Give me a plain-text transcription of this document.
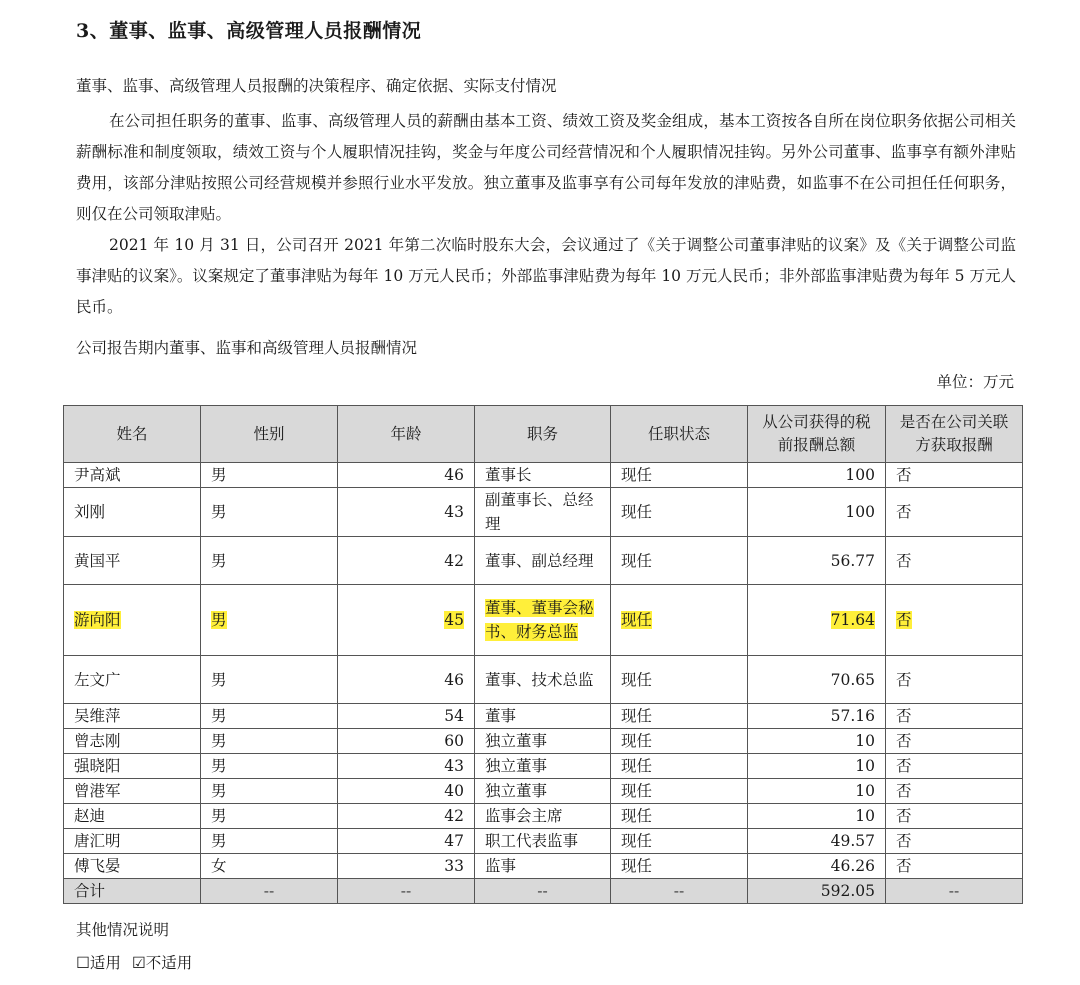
3、董事、监事、高级管理人员报酬情况
董事、监事、高级管理人员报酬的决策程序、确定依据、实际支付情况
在公司担任职务的董事、监事、高级管理人员的薪酬由基本工资、绩效工资及奖金组成，基本工资按各自所在岗位职务依据公司相关薪酬标准和制度领取，绩效工资与个人履职情况挂钩，奖金与年度公司经营情况和个人履职情况挂钩。另外公司董事、监事享有额外津贴费用，该部分津贴按照公司经营规模并参照行业水平发放。独立董事及监事享有公司每年发放的津贴费，如监事不在公司担任任何职务，则仅在公司领取津贴。
2021 年 10 月 31 日，公司召开 2021 年第二次临时股东大会，会议通过了《关于调整公司董事津贴的议案》及《关于调整公司监事津贴的议案》。议案规定了董事津贴为每年 10 万元人民币；外部监事津贴费为每年 10 万元人民币；非外部监事津贴费为每年 5 万元人民币。
公司报告期内董事、监事和高级管理人员报酬情况
单位：万元
姓名	性别	年龄	职务	任职状态	从公司获得的税前报酬总额	是否在公司关联方获取报酬
尹高斌	男	46	董事长	现任	100	否
刘刚	男	43	副董事长、总经理	现任	100	否
黄国平	男	42	董事、副总经理	现任	56.77	否
游向阳	男	45	董事、董事会秘书、财务总监	现任	71.64	否
左文广	男	46	董事、技术总监	现任	70.65	否
吴维萍	男	54	董事	现任	57.16	否
曾志刚	男	60	独立董事	现任	10	否
强晓阳	男	43	独立董事	现任	10	否
曾港军	男	40	独立董事	现任	10	否
赵迪	男	42	监事会主席	现任	10	否
唐汇明	男	47	职工代表监事	现任	49.57	否
傅飞晏	女	33	监事	现任	46.26	否
合计	--	--	--	--	592.05	--
其他情况说明
☐适用 ☑不适用
